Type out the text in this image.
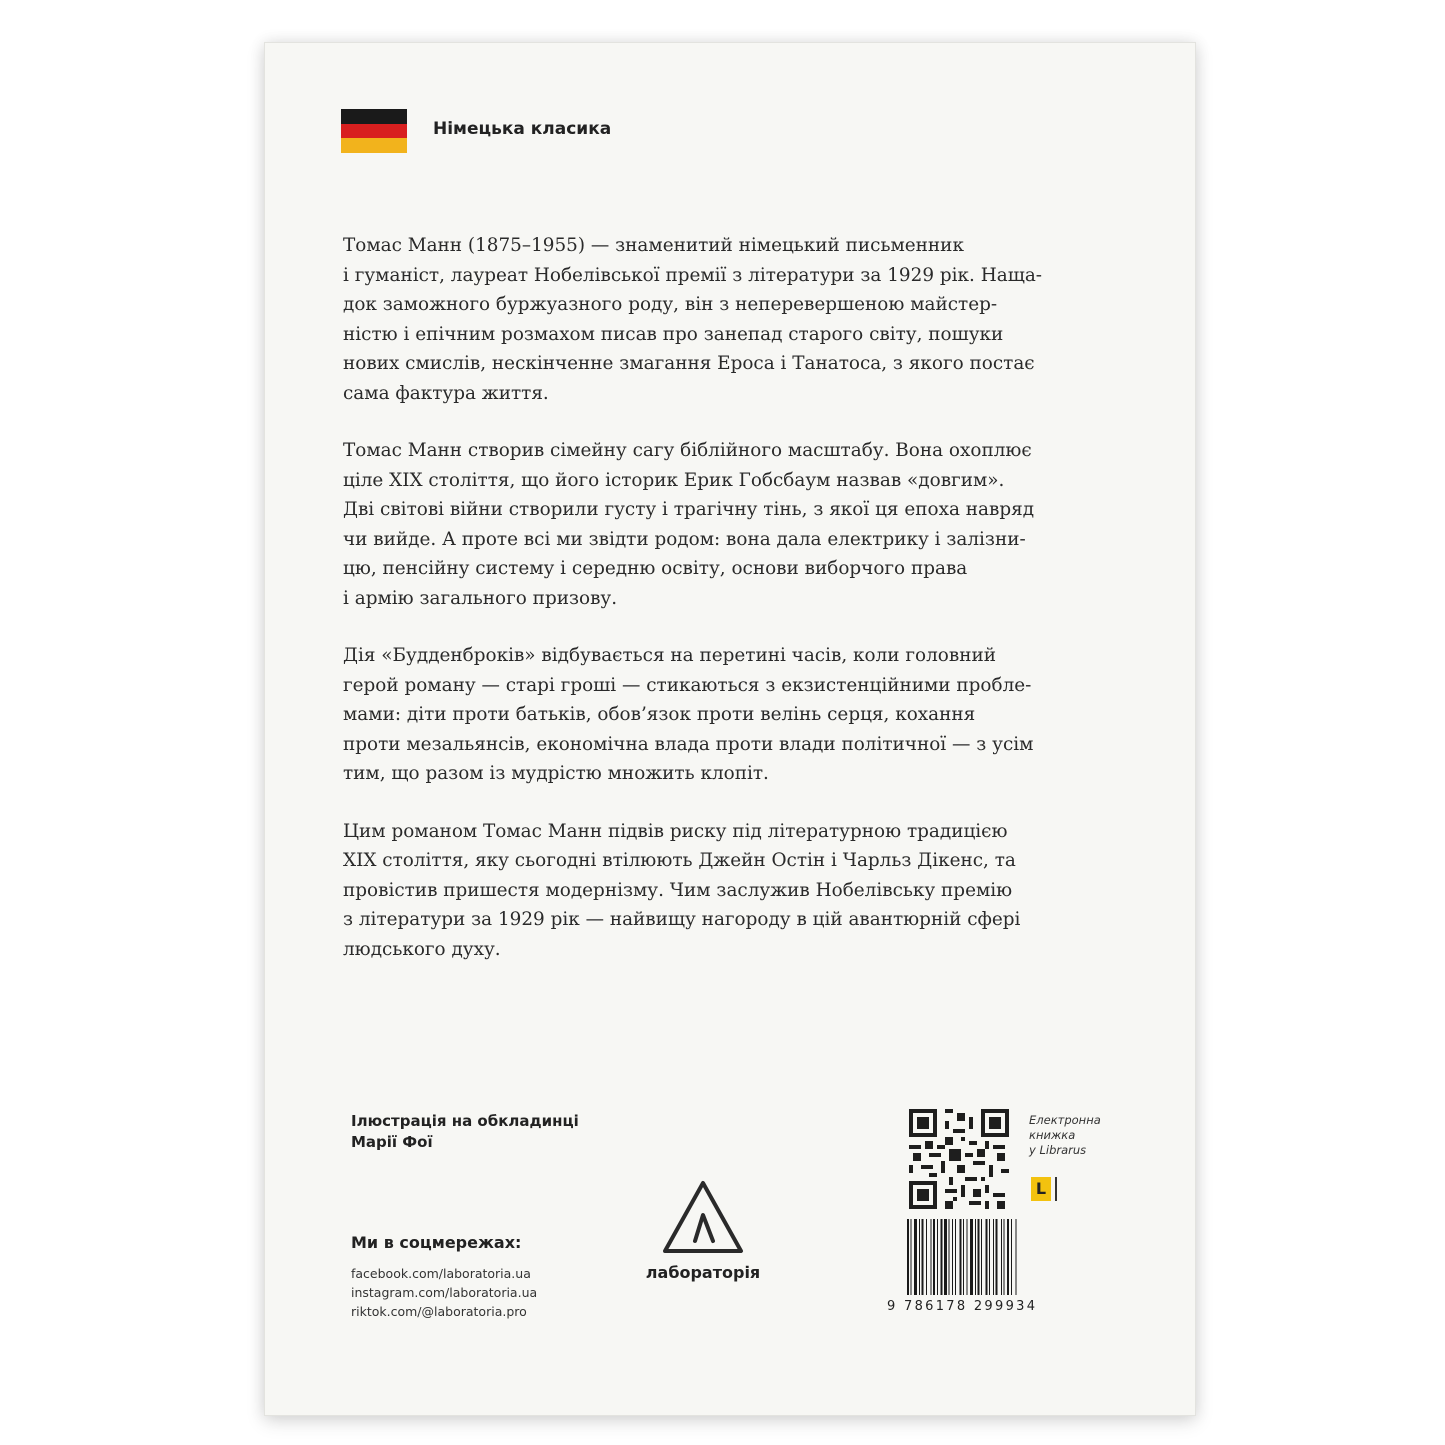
Німецька класика
Томас Манн (1875–1955) — знаменитий німецький письменник
і гуманіст, лауреат Нобелівської премії з літератури за 1929 рік. Наща-
док заможного буржуазного роду, він з неперевершеною майстер-
ністю і епічним розмахом писав про занепад старого світу, пошуки
нових смислів, нескінченне змагання Ероса і Танатоса, з якого постає
сама фактура життя.
Томас Манн створив сімейну сагу біблійного масштабу. Вона охоплює
ціле XIX століття, що його історик Ерик Гобсбаум назвав «довгим».
Дві світові війни створили густу і трагічну тінь, з якої ця епоха навряд
чи вийде. А проте всі ми звідти родом: вона дала електрику і залізни-
цю, пенсійну систему і середню освіту, основи виборчого права
і армію загального призову.
Дія «Будденброків» відбувається на перетині часів, коли головний
герой роману — старі гроші — стикаються з екзистенційними пробле-
мами: діти проти батьків, обов’язок проти велінь серця, кохання
проти мезальянсів, економічна влада проти влади політичної — з усім
тим, що разом із мудрістю множить клопіт.
Цим романом Томас Манн підвів риску під літературною традицією
XIX століття, яку сьогодні втілюють Джейн Остін і Чарльз Дікенс, та
провістив пришестя модернізму. Чим заслужив Нобелівську премію
з літератури за 1929 рік — найвищу нагороду в цій авантюрній сфері
людського духу.
Ілюстрація на обкладинці
Марії Фої
Ми в соцмережах:
facebook.com/laboratoria.ua
instagram.com/laboratoria.ua
riktok.com/@laboratoria.pro
лабораторія
Електронна
книжка
у Librarus
L
9 786178 299934
